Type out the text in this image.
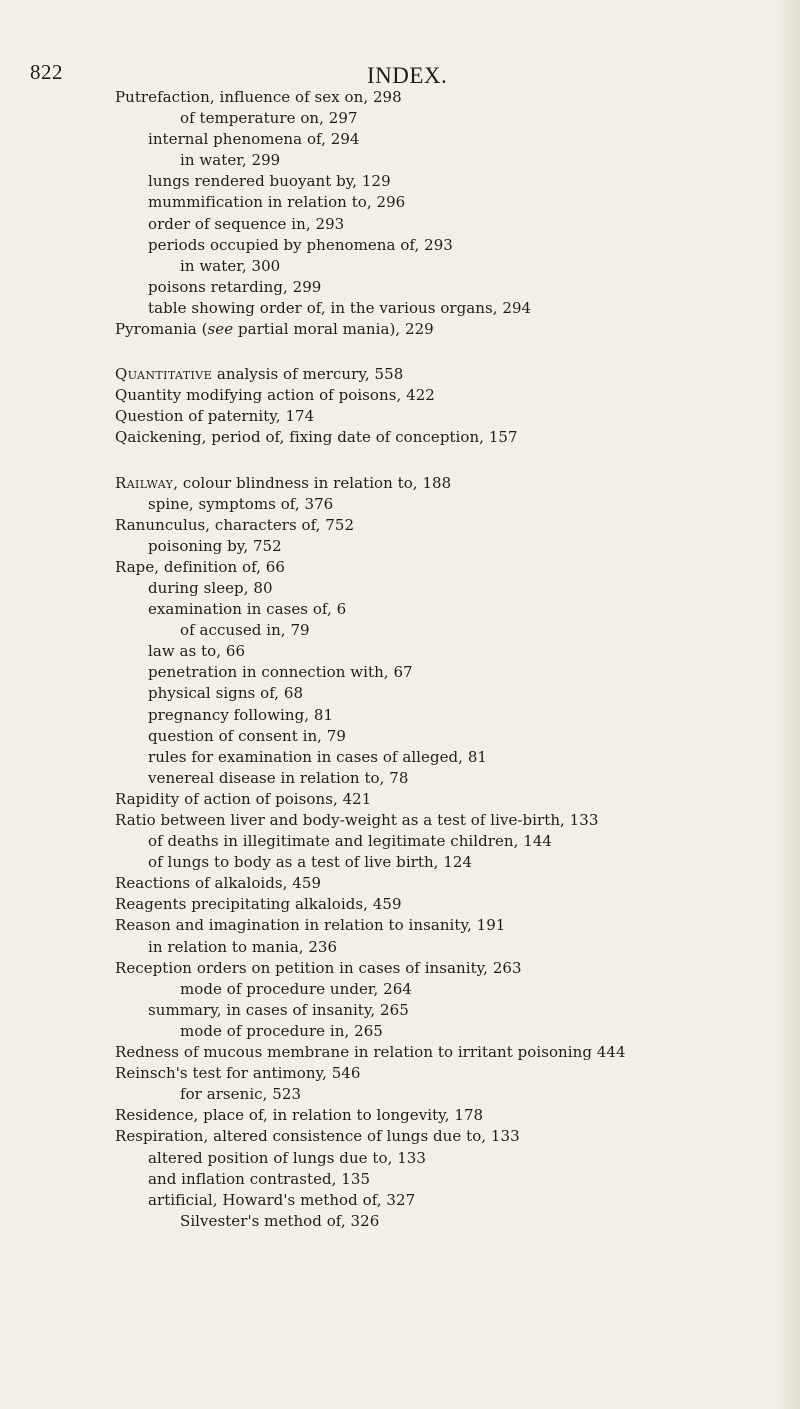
822	INDEX.
Putrefaction, influence of sex on, 298
of temperature on, 297
internal phenomena of, 294
in water, 299
lungs rendered buoyant by, 129
mummification in relation to, 296
order of sequence in, 293
periods occupied by phenomena of, 293
in water, 300
poisons retarding, 299
table showing order of, in the various organs, 294
Pyromania (see partial moral mania), 229
Quantitative analysis of mercury, 558
Quantity modifying action of poisons, 422
Question of paternity, 174
Qaickening, period of, fixing date of conception, 157
Railway, colour blindness in relation to, 188
spine, symptoms of, 376
Ranunculus, characters of, 752
poisoning by, 752
Rape, definition of, 66
during sleep, 80
examination in cases of, 6
of accused in, 79
law as to, 66
penetration in connection with, 67
physical signs of, 68
pregnancy following, 81
question of consent in, 79
rules for examination in cases of alleged, 81
venereal disease in relation to, 78
Rapidity of action of poisons, 421
Ratio between liver and body-weight as a test of live-birth, 133
of deaths in illegitimate and legitimate children, 144
of lungs to body as a test of live birth, 124
Reactions of alkaloids, 459
Reagents precipitating alkaloids, 459
Reason and imagination in relation to insanity, 191
in relation to mania, 236
Reception orders on petition in cases of insanity, 263
mode of procedure under, 264
summary, in cases of insanity, 265
mode of procedure in, 265
Redness of mucous membrane in relation to irritant poisoning 444
Reinsch's test for antimony, 546
for arsenic, 523
Residence, place of, in relation to longevity, 178
Respiration, altered consistence of lungs due to, 133
altered position of lungs due to, 133
and inflation contrasted, 135
artificial, Howard's method of, 327
Silvester's method of, 326
